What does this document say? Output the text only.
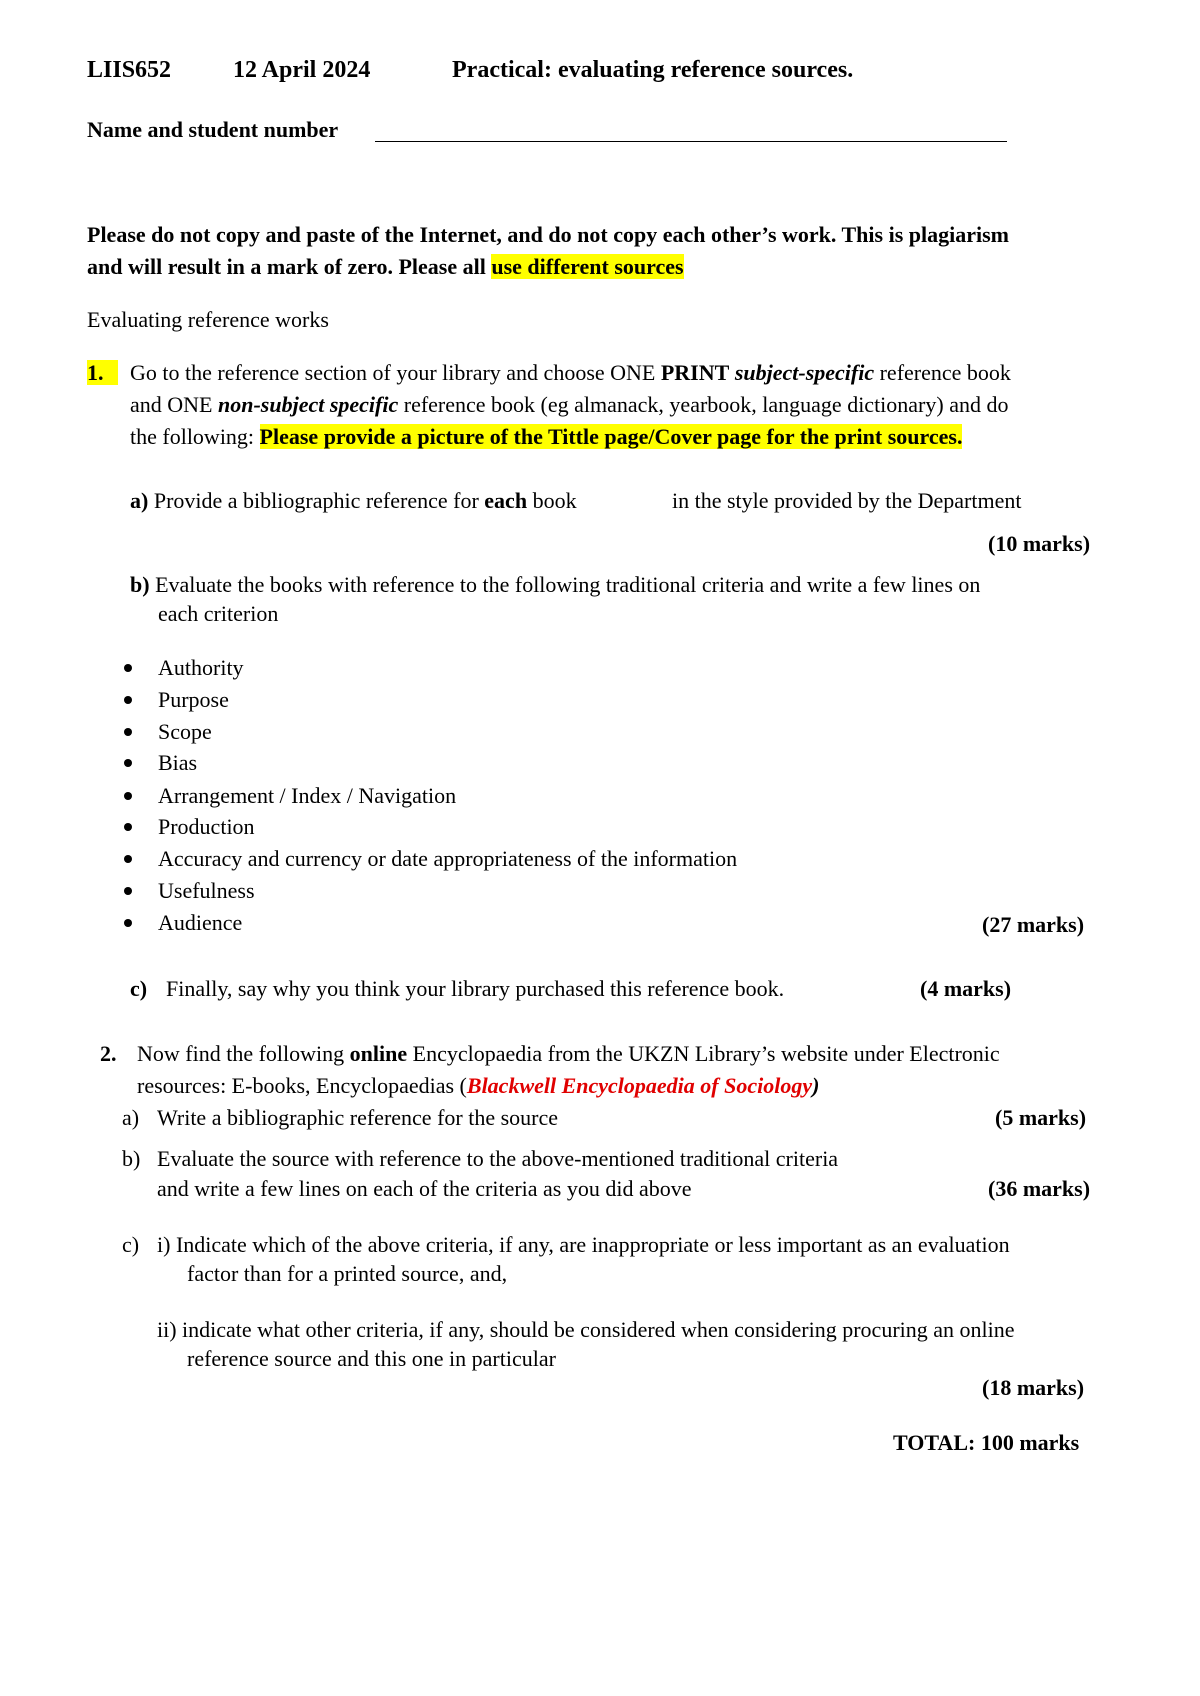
LIIS652	12 April 2024	Practical: evaluating reference sources.
Name and student number
Please do not copy and paste of the Internet, and do not copy each other’s work. This is plagiarism
and will result in a mark of zero. Please all use different sources
Evaluating reference works
1.	Go to the reference section of your library and choose ONE PRINT subject-specific reference book
and ONE non-subject specific reference book (eg almanack, yearbook, language dictionary) and do
the following: Please provide a picture of the Tittle page/Cover page for the print sources.
a) Provide a bibliographic reference for each book	in the style provided by the Department
(10 marks)
b) Evaluate the books with reference to the following traditional criteria and write a few lines on
each criterion
Authority
Purpose
Scope
Bias
Arrangement / Index / Navigation
Production
Accuracy and currency or date appropriateness of the information
Usefulness
Audience	(27 marks)
c) Finally, say why you think your library purchased this reference book.	(4 marks)
2. Now find the following online Encyclopaedia from the UKZN Library’s website under Electronic
resources: E-books, Encyclopaedias (Blackwell Encyclopaedia of Sociology)
a) Write a bibliographic reference for the source	(5 marks)
b) Evaluate the source with reference to the above-mentioned traditional criteria
and write a few lines on each of the criteria as you did above	(36 marks)
c) i) Indicate which of the above criteria, if any, are inappropriate or less important as an evaluation
factor than for a printed source, and,
ii) indicate what other criteria, if any, should be considered when considering procuring an online
reference source and this one in particular
(18 marks)
TOTAL: 100 marks
